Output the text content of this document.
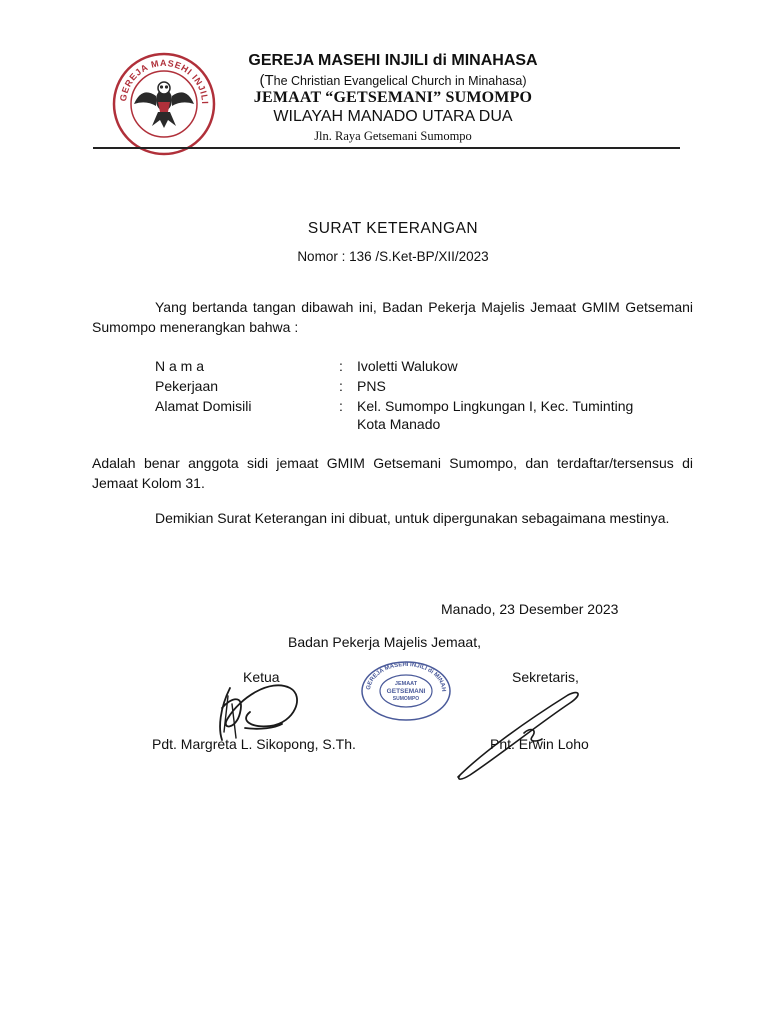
GEREJA MASEHI INJILI
GEREJA MASEHI INJILI di MINAHASA
(The Christian Evangelical Church in Minahasa)
JEMAAT “GETSEMANI” SUMOMPO
WILAYAH MANADO UTARA DUA
Jln. Raya Getsemani Sumompo
SURAT KETERANGAN
Nomor : 136 /S.Ket-BP/XII/2023
Yang bertanda tangan dibawah ini, Badan Pekerja Majelis Jemaat GMIM Getsemani Sumompo menerangkan bahwa :
N a m a	: Ivoletti Walukow
Pekerjaan	: PNS
Alamat Domisili	: Kel. Sumompo Lingkungan I, Kec. Tuminting
Kota Manado
Adalah benar anggota sidi jemaat GMIM Getsemani Sumompo, dan terdaftar/tersensus di Jemaat Kolom 31.
Demikian Surat Keterangan ini dibuat, untuk dipergunakan sebagaimana mestinya.
Manado, 23 Desember 2023
Badan Pekerja Majelis Jemaat,
Ketua	Sekretaris,
GEREJA MASEHI INJILI di MINAH
JEMAAT
GETSEMANI
SUMOMPO
Pdt. Margreta L. Sikopong, S.Th.	Pnt. Erwin Loho
